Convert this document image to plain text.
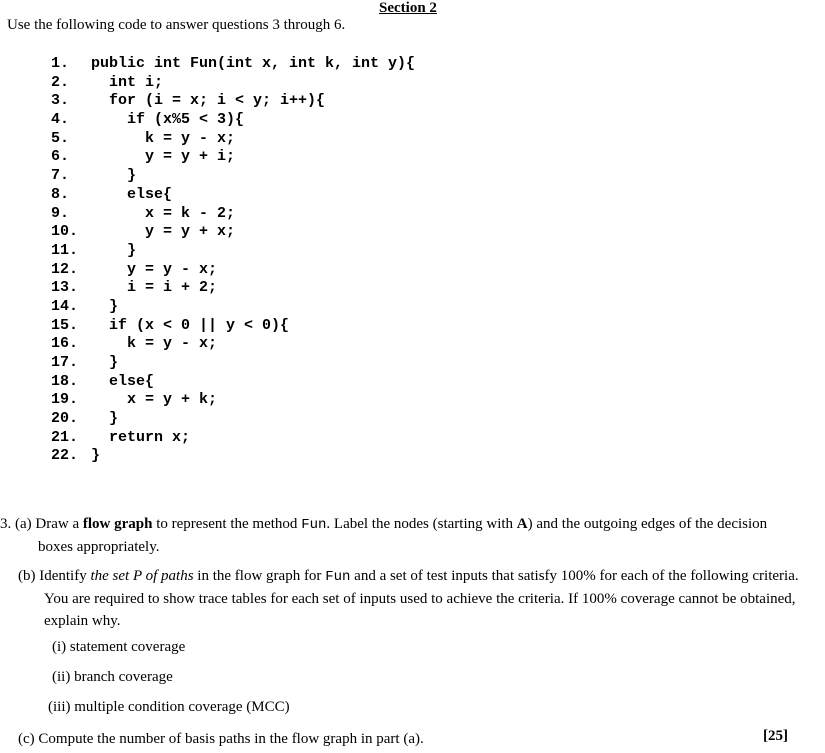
Section 2
Use the following code to answer questions 3 through 6.
1. public int Fun(int x, int k, int y){
2.  int i;
3.  for (i = x; i < y; i++){
4.    if (x%5 < 3){
5.      k = y - x;
6.      y = y + i;
7.    }
8.    else{
9.      x = k - 2;
10.      y = y + x;
11.    }
12.    y = y - x;
13.    i = i + 2;
14.  }
15.  if (x < 0 || y < 0){
16.    k = y - x;
17.  }
18.  else{
19.    x = y + k;
20.  }
21.  return x;
22. }
3. (a) Draw a flow graph to represent the method Fun. Label the nodes (starting with A) and the outgoing edges of the decision boxes appropriately.
(b) Identify the set P of paths in the flow graph for Fun and a set of test inputs that satisfy 100% for each of the following criteria. You are required to show trace tables for each set of inputs used to achieve the criteria. If 100% coverage cannot be obtained, explain why.
(i) statement coverage
(ii) branch coverage
(iii) multiple condition coverage (MCC)
(c) Compute the number of basis paths in the flow graph in part (a).	[25]
